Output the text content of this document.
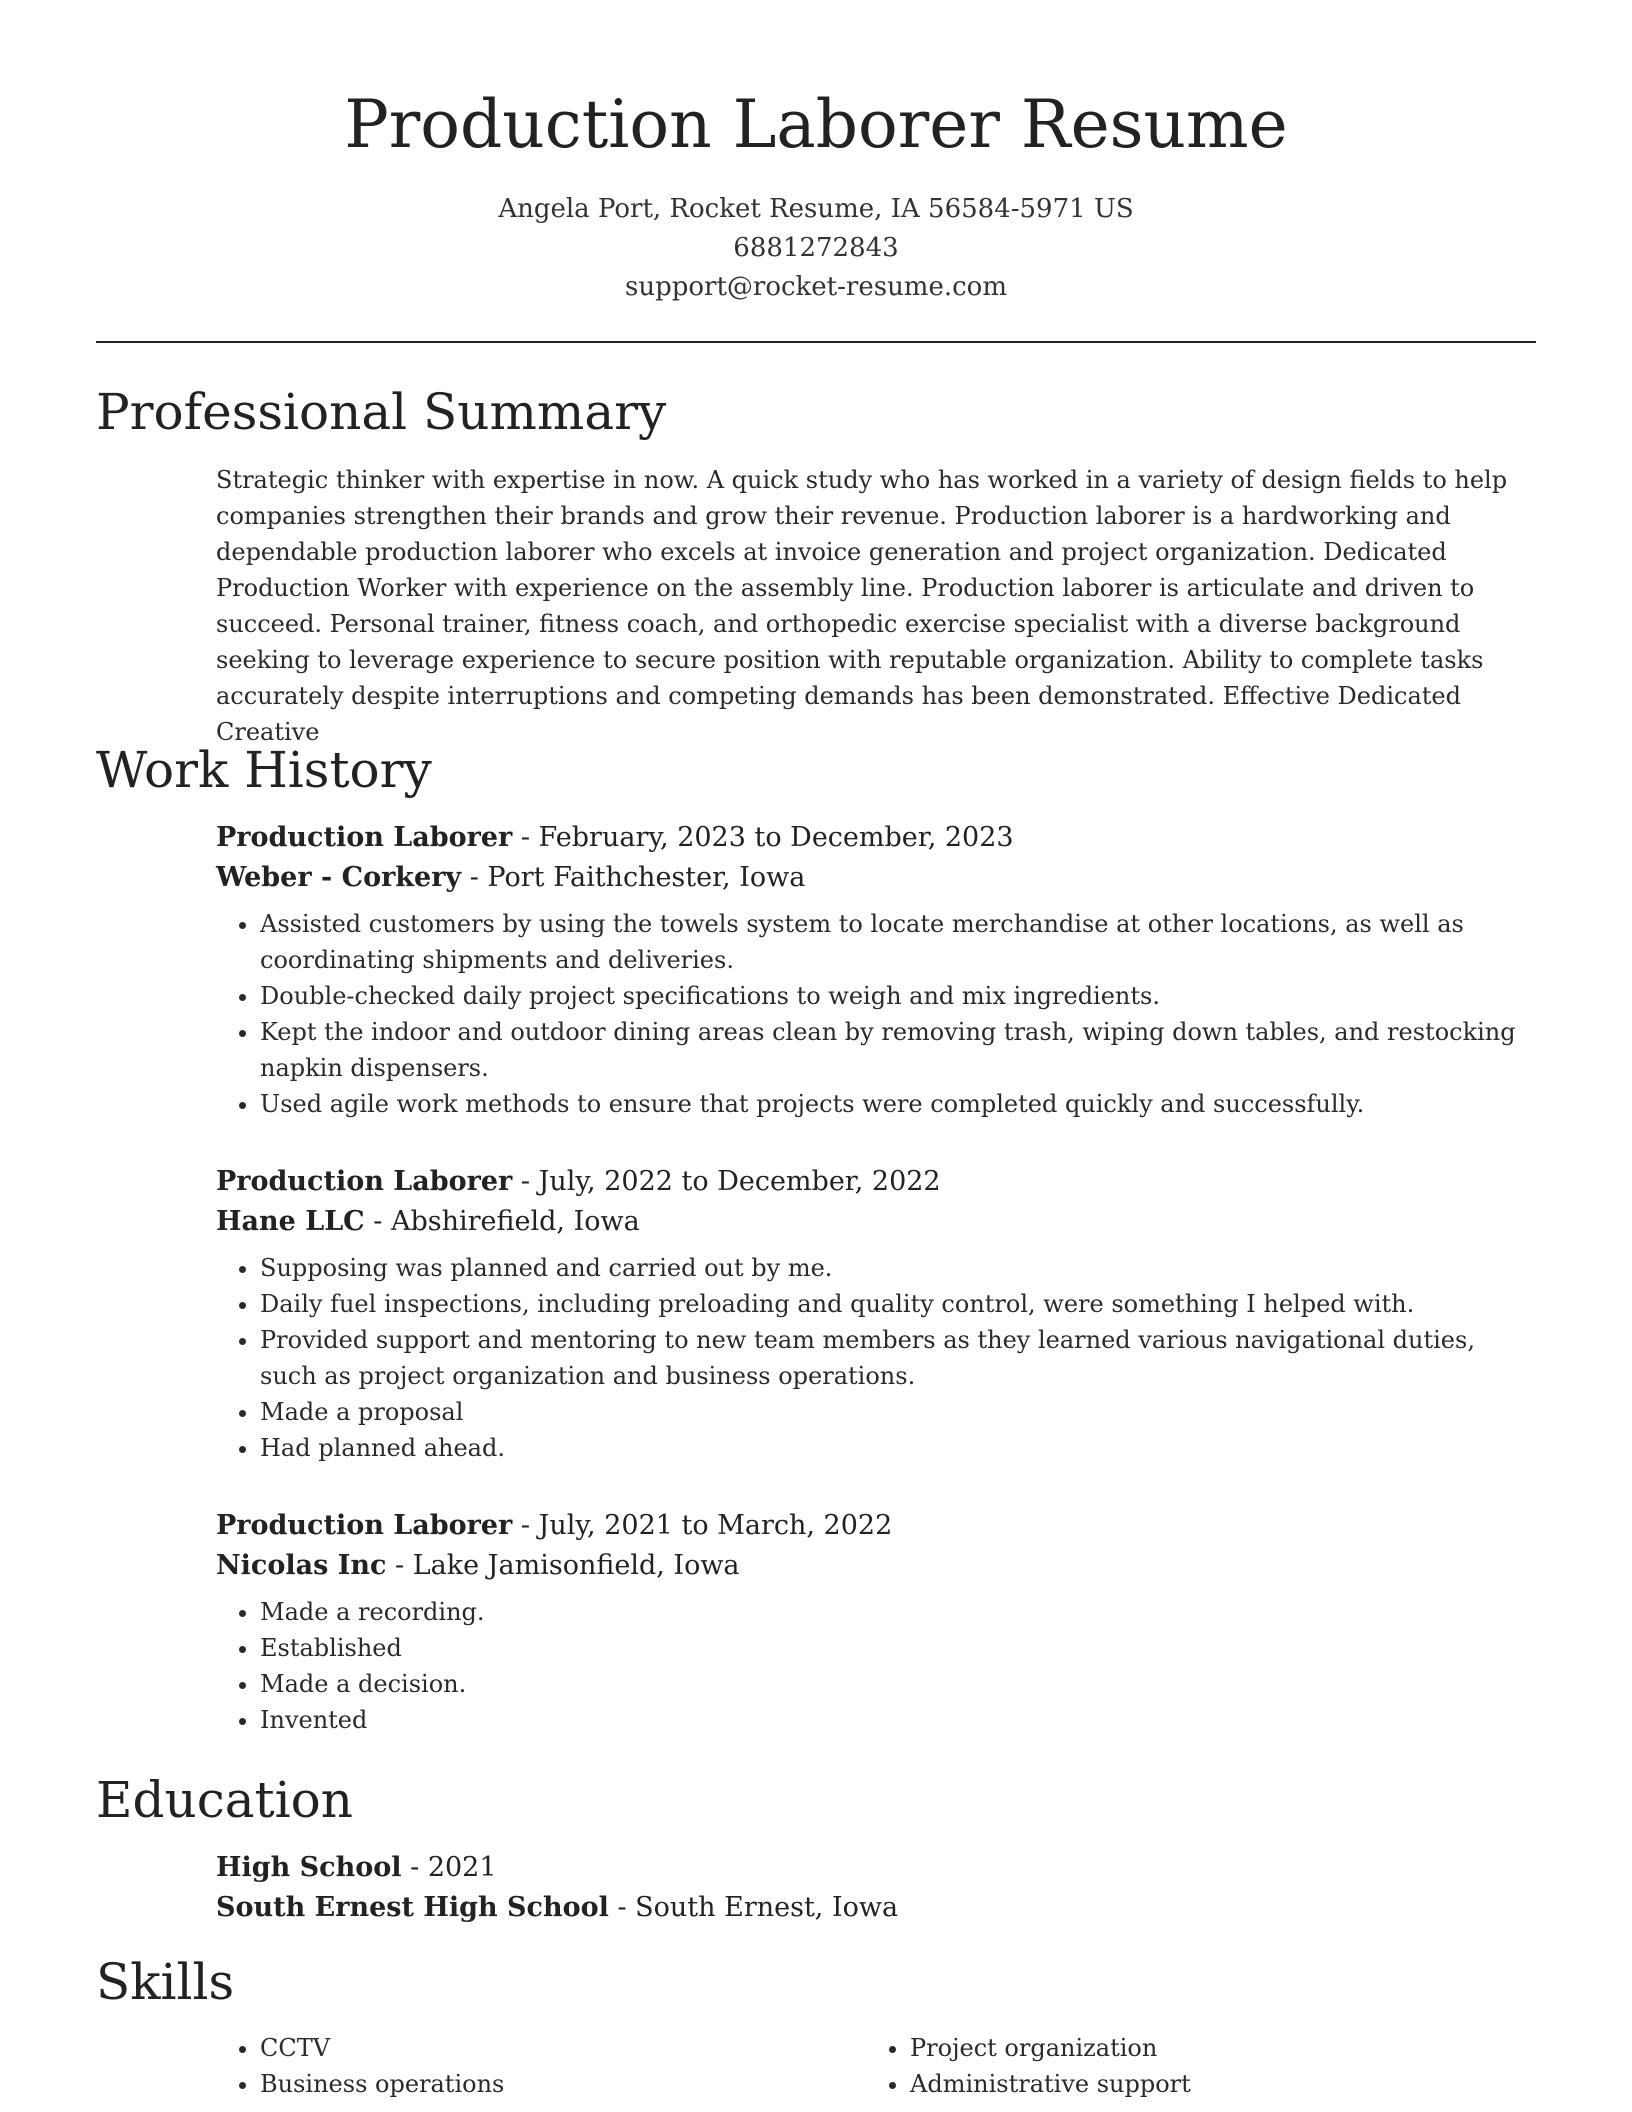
Production Laborer Resume
Angela Port, Rocket Resume, IA 56584-5971 US
6881272843
support@rocket-resume.com
Professional Summary

Strategic thinker with expertise in now. A quick study who has worked in a variety of design fields to help companies strengthen their brands and grow their revenue. Production laborer is a hardworking and dependable production laborer who excels at invoice generation and project organization. Dedicated Production Worker with experience on the assembly line. Production laborer is articulate and driven to succeed. Personal trainer, fitness coach, and orthopedic exercise specialist with a diverse background seeking to leverage experience to secure position with reputable organization. Ability to complete tasks accurately despite interruptions and competing demands has been demonstrated. Effective Dedicated Creative

Work History
Production Laborer - February, 2023 to December, 2023
Weber - Corkery - Port Faithchester, Iowa
• Assisted customers by using the towels system to locate merchandise at other locations, as well as coordinating shipments and deliveries.
• Double-checked daily project specifications to weigh and mix ingredients.
• Kept the indoor and outdoor dining areas clean by removing trash, wiping down tables, and restocking napkin dispensers.
• Used agile work methods to ensure that projects were completed quickly and successfully.
Production Laborer - July, 2022 to December, 2022
Hane LLC - Abshirefield, Iowa
• Supposing was planned and carried out by me.
• Daily fuel inspections, including preloading and quality control, were something I helped with.
• Provided support and mentoring to new team members as they learned various navigational duties, such as project organization and business operations.
• Made a proposal
• Had planned ahead.
Production Laborer - July, 2021 to March, 2022
Nicolas Inc - Lake Jamisonfield, Iowa
• Made a recording.
• Established
• Made a decision.
• Invented
Education
High School - 2021
South Ernest High School - South Ernest, Iowa
Skills
• CCTV
• Business operations
• Project organization
• Administrative support
